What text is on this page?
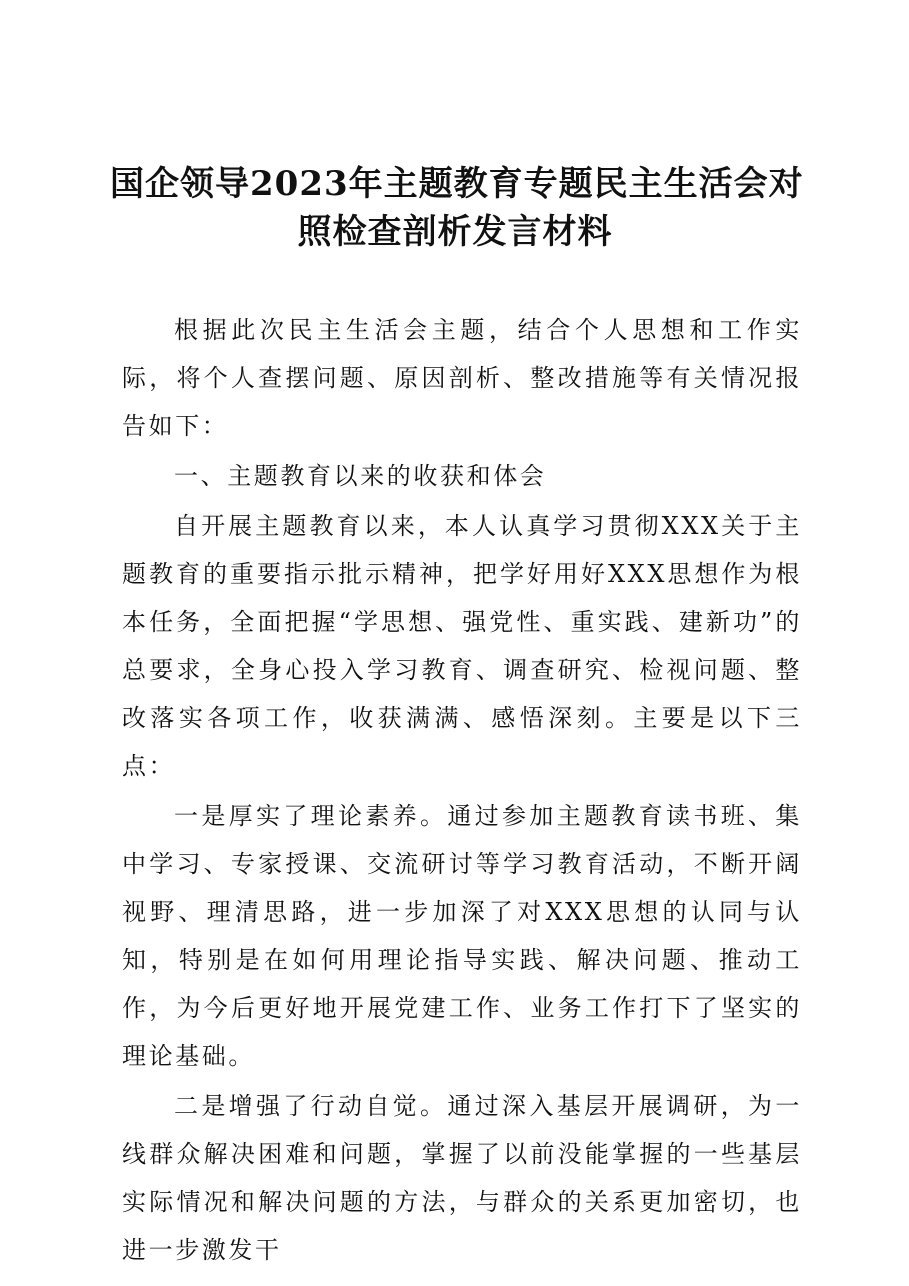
国企领导2023年主题教育专题民主生活会对
照检查剖析发言材料

根据此次民主生活会主题，结合个人思想和工作实际，将个人查摆问题、原因剖析、整改措施等有关情况报告如下：

一、主题教育以来的收获和体会

自开展主题教育以来，本人认真学习贯彻XXX关于主题教育的重要指示批示精神，把学好用好XXX思想作为根本任务，全面把握“学思想、强党性、重实践、建新功”的总要求，全身心投入学习教育、调查研究、检视问题、整改落实各项工作，收获满满、感悟深刻。主要是以下三点：

一是厚实了理论素养。通过参加主题教育读书班、集中学习、专家授课、交流研讨等学习教育活动，不断开阔视野、理清思路，进一步加深了对XXX思想的认同与认知，特别是在如何用理论指导实践、解决问题、推动工作，为今后更好地开展党建工作、业务工作打下了坚实的理论基础。

二是增强了行动自觉。通过深入基层开展调研，为一线群众解决困难和问题，掌握了以前没能掌握的一些基层实际情况和解决问题的方法，与群众的关系更加密切，也进一步激发干
